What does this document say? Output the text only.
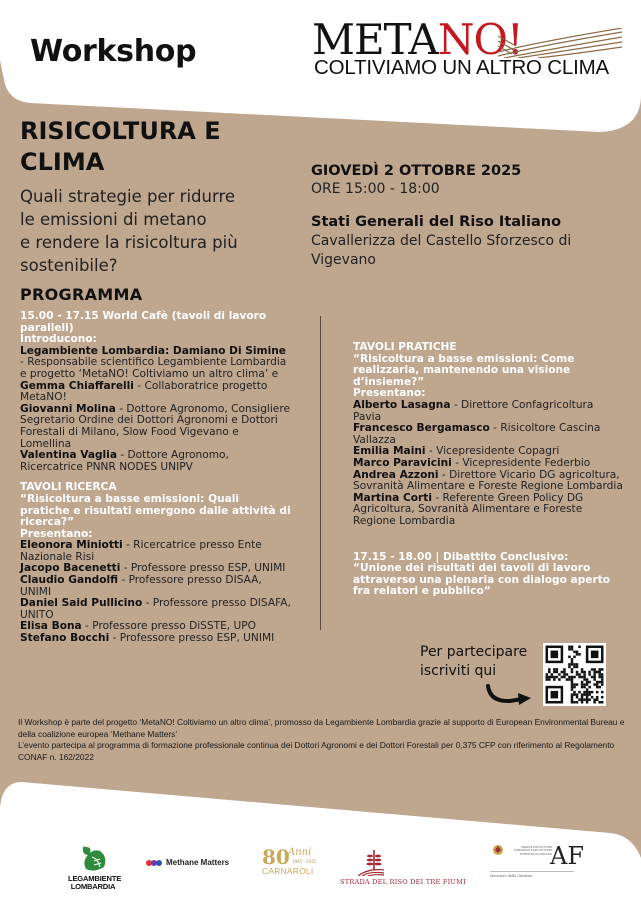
Workshop	METANO!
COLTIVIAMO UN ALTRO CLIMA
RISICOLTURA E
CLIMA
Quali strategie per ridurre
le emissioni di metano
e rendere la risicoltura più
sostenibile?
GIOVEDÌ 2 OTTOBRE 2025
ORE 15:00 - 18:00
Stati Generali del Riso Italiano
Cavallerizza del Castello Sforzesco di
Vigevano
PROGRAMMA
15.00 - 17.15 World Cafè (tavoli di lavoro paralleli)
Introducono:
Legambiente Lombardia: Damiano Di Simine - Responsabile scientifico Legambiente Lombardia e progetto ‘MetaNO! Coltiviamo un altro clima’ e Gemma Chiaffarelli - Collaboratrice progetto MetaNO!
Giovanni Molina - Dottore Agronomo, Consigliere Segretario Ordine dei Dottori Agronomi e Dottori Forestali di Milano, Slow Food Vigevano e Lomellina
Valentina Vaglia - Dottore Agronomo, Ricercatrice PNNR NODES UNIPV
TAVOLI RICERCA
“Risicoltura a basse emissioni: Quali pratiche e risultati emergono dalle attività di ricerca?”
Presentano:
Eleonora Miniotti - Ricercatrice presso Ente Nazionale Risi
Jacopo Bacenetti - Professore presso ESP, UNIMI
Claudio Gandolfi - Professore presso DISAA, UNIMI
Daniel Said Pullicino - Professore presso DISAFA, UNITO
Elisa Bona - Professore presso DiSSTE, UPO
Stefano Bocchi - Professore presso ESP, UNIMI
TAVOLI PRATICHE
“Risicoltura a basse emissioni: Come realizzarla, mantenendo una visione d’insieme?”
Presentano:
Alberto Lasagna - Direttore Confagricoltura Pavia
Francesco Bergamasco - Risicoltore Cascina Vallazza
Emilia Maini - Vicepresidente Copagri
Marco Paravicini - Vicepresidente Federbio
Andrea Azzoni - Direttore Vicario DG agricoltura, Sovranità Alimentare e Foreste Regione Lombardia
Martina Corti - Referente Green Policy DG Agricoltura, Sovranità Alimentare e Foreste Regione Lombardia
17.15 - 18.00 | Dibattito Conclusivo:
“Unione dei risultati dei tavoli di lavoro attraverso una plenaria con dialogo aperto fra relatori e pubblico“
Per partecipare
iscriviti qui
Il Workshop è parte del progetto ‘MetaNO! Coltiviamo un altro clima’, promosso da Legambiente Lombardia grazie al supporto di European Environmental Bureau e della coalizione europea ‘Methane Matters’
L’evento partecipa al programma di formazione professionale continua dei Dottori Agronomi e dei Dottori Forestali per 0,375 CFP con riferimento al Regolamento CONAF n. 162/2022
LEGAMBIENTE
LOMBARDIA
Methane Matters 80
Anni
1945 - 2025
CARNAROLI
STRADA DEL RISO DEI TRE FIUMI
ORDINE DEI DOTTORI AGRONOMI E DEI DOTTORI FORESTALI DI MILANO
AF
Ministero della Giustizia
